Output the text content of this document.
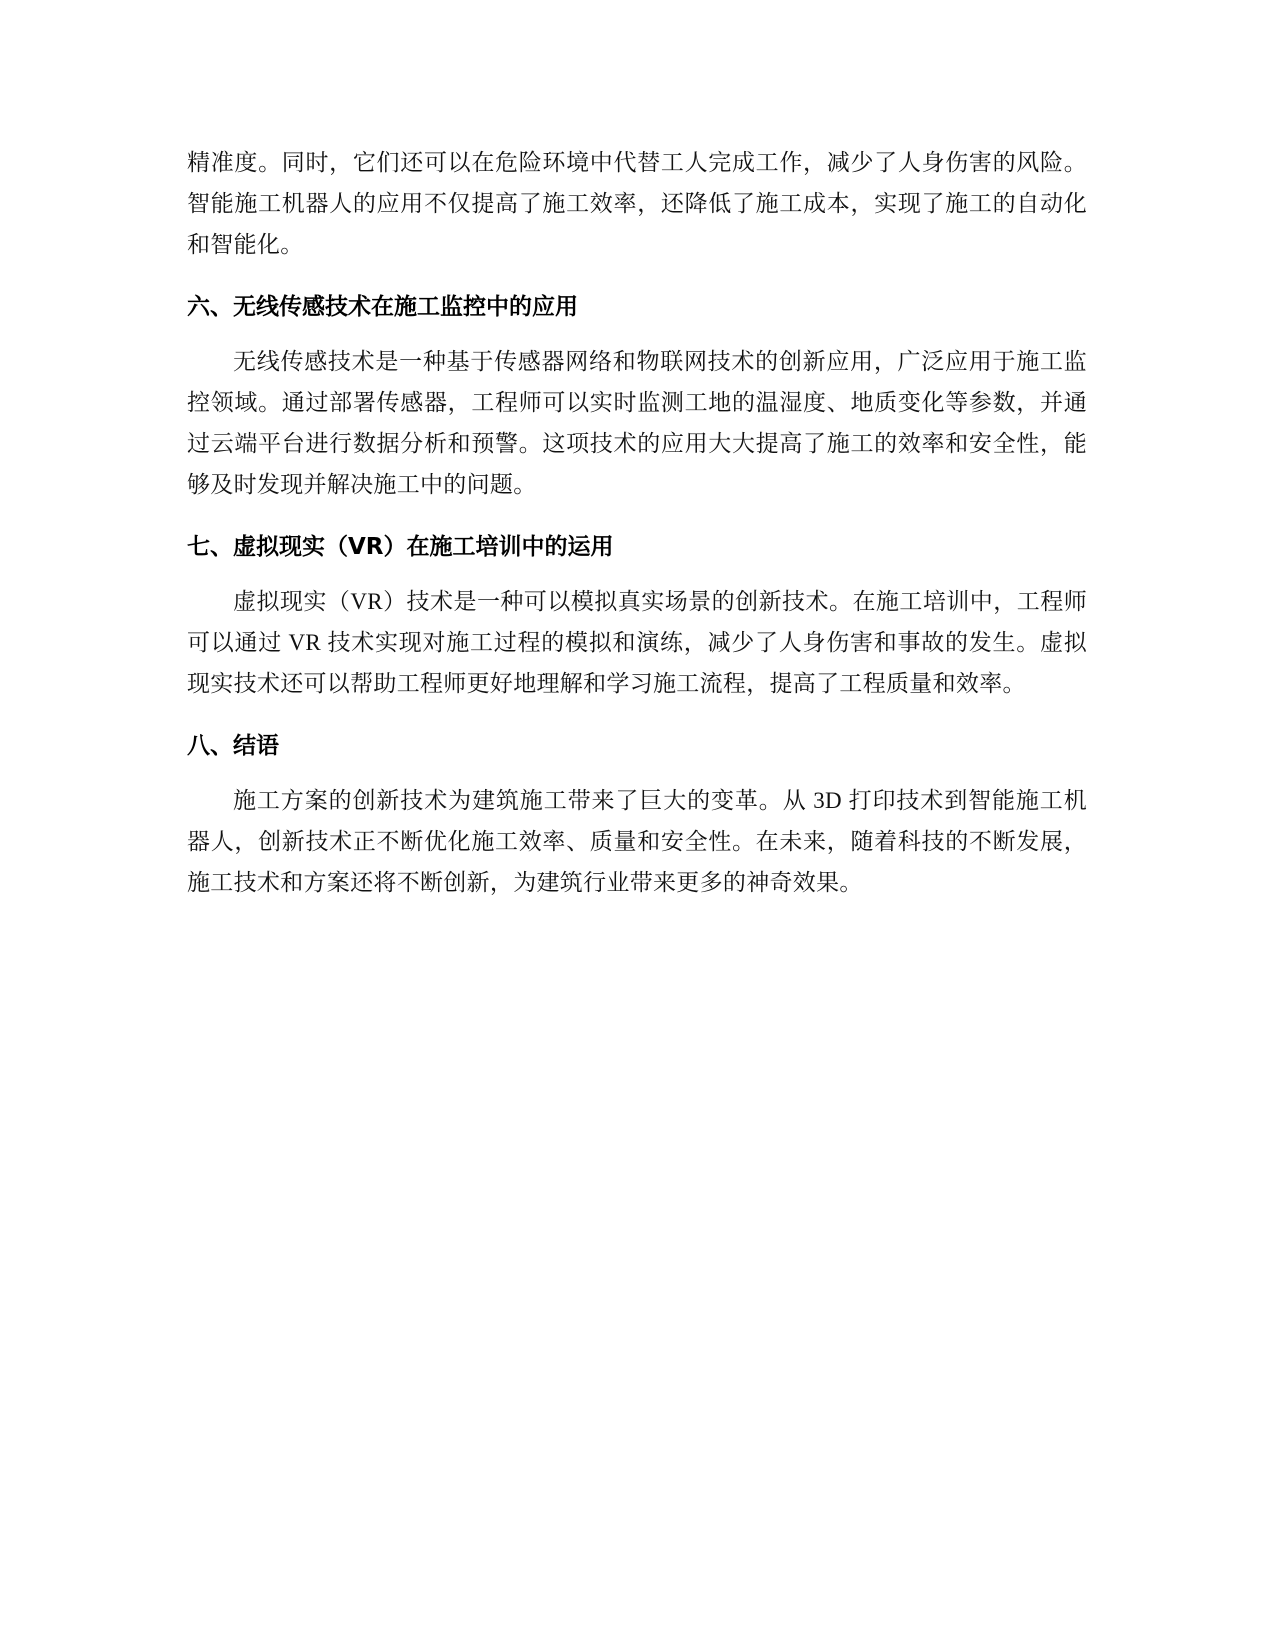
精准度。同时，它们还可以在危险环境中代替工人完成工作，减少了人身伤害的风险。智能施工机器人的应用不仅提高了施工效率，还降低了施工成本，实现了施工的自动化和智能化。

六、无线传感技术在施工监控中的应用

无线传感技术是一种基于传感器网络和物联网技术的创新应用，广泛应用于施工监控领域。通过部署传感器，工程师可以实时监测工地的温湿度、地质变化等参数，并通过云端平台进行数据分析和预警。这项技术的应用大大提高了施工的效率和安全性，能够及时发现并解决施工中的问题。

七、虚拟现实（VR）在施工培训中的运用

虚拟现实（VR）技术是一种可以模拟真实场景的创新技术。在施工培训中，工程师可以通过 VR 技术实现对施工过程的模拟和演练，减少了人身伤害和事故的发生。虚拟现实技术还可以帮助工程师更好地理解和学习施工流程，提高了工程质量和效率。

八、结语

施工方案的创新技术为建筑施工带来了巨大的变革。从 3D 打印技术到智能施工机器人，创新技术正不断优化施工效率、质量和安全性。在未来，随着科技的不断发展，施工技术和方案还将不断创新，为建筑行业带来更多的神奇效果。
